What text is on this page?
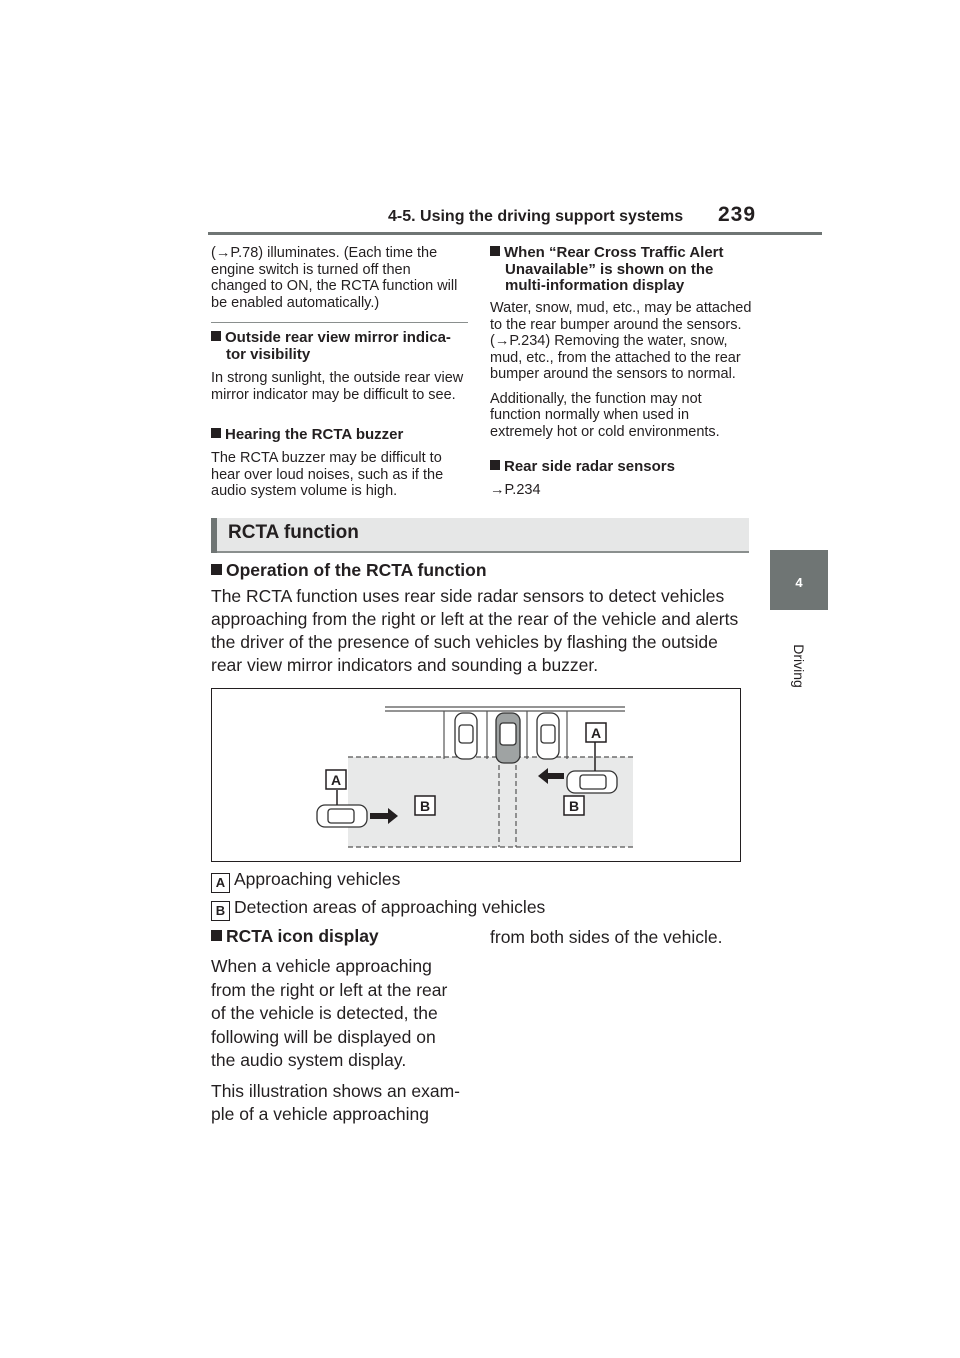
4-5. Using the driving support systems 239
4
Driving

(→P.78) illuminates. (Each time the engine switch is turned off then changed to ON, the RCTA function will be enabled automatically.)

Outside rear view mirror indica-
tor visibility

In strong sunlight, the outside rear view mirror indicator may be difficult to see.

Hearing the RCTA buzzer

The RCTA buzzer may be difficult to hear over loud noises, such as if the audio system volume is high.

When “Rear Cross Traffic Alert
Unavailable” is shown on the
multi-information display

Water, snow, mud, etc., may be attached to the rear bumper around the sensors. (→P.234) Removing the water, snow, mud, etc., from the attached to the rear bumper around the sensors to normal.

Additionally, the function may not function normally when used in extremely hot or cold environments.

Rear side radar sensors

→P.234

RCTA function
Operation of the RCTA function

The RCTA function uses rear side radar sensors to detect vehicles approaching from the right or left at the rear of the vehicle and alerts the driver of the presence of such vehicles by flashing the outside rear view mirror indicators and sounding a buzzer.

A
A
B	B
A Approaching vehicles
B Detection areas of approaching vehicles
RCTA icon display

When a vehicle approaching from the right or left at the rear of the vehicle is detected, the following will be displayed on the audio system display.

This illustration shows an exam- ple of a vehicle approaching

from both sides of the vehicle.
